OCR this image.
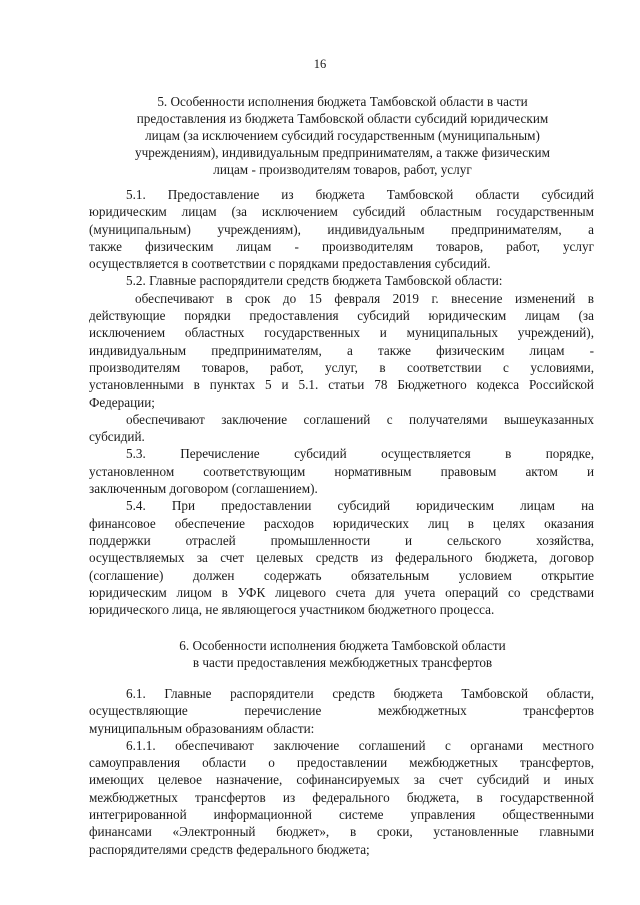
16
5. Особенности исполнения бюджета Тамбовской области в части
предоставления из бюджета Тамбовской области субсидий юридическим
лицам (за исключением субсидий государственным (муниципальным)
учреждениям), индивидуальным предпринимателям, а также физическим
лицам - производителям товаров, работ, услуг
5.1. Предоставление из бюджета Тамбовской области субсидий
юридическим лицам (за исключением субсидий областным государственным
(муниципальным) учреждениям), индивидуальным предпринимателям, а
также физическим лицам - производителям товаров, работ, услуг
осуществляется в соответствии с порядками предоставления субсидий.
5.2. Главные распорядители средств бюджета Тамбовской области:
обеспечивают в срок до 15 февраля 2019 г. внесение изменений в
действующие порядки предоставления субсидий юридическим лицам (за
исключением областных государственных и муниципальных учреждений),
индивидуальным предпринимателям, а также физическим лицам -
производителям товаров, работ, услуг, в соответствии с условиями,
установленными в пунктах 5 и 5.1. статьи 78 Бюджетного кодекса Российской
Федерации;
обеспечивают заключение соглашений с получателями вышеуказанных
субсидий.
5.3. Перечисление субсидий осуществляется в порядке,
установленном соответствующим нормативным правовым актом и
заключенным договором (соглашением).
5.4. При предоставлении субсидий юридическим лицам на
финансовое обеспечение расходов юридических лиц в целях оказания
поддержки отраслей промышленности и сельского хозяйства,
осуществляемых за счет целевых средств из федерального бюджета, договор
(соглашение) должен содержать обязательным условием открытие
юридическим лицом в УФК лицевого счета для учета операций со средствами
юридического лица, не являющегося участником бюджетного процесса.
6. Особенности исполнения бюджета Тамбовской области
в части предоставления межбюджетных трансфертов
6.1. Главные распорядители средств бюджета Тамбовской области,
осуществляющие перечисление межбюджетных трансфертов
муниципальным образованиям области:
6.1.1. обеспечивают заключение соглашений с органами местного
самоуправления области о предоставлении межбюджетных трансфертов,
имеющих целевое назначение, софинансируемых за счет субсидий и иных
межбюджетных трансфертов из федерального бюджета, в государственной
интегрированной информационной системе управления общественными
финансами «Электронный бюджет», в сроки, установленные главными
распорядителями средств федерального бюджета;
